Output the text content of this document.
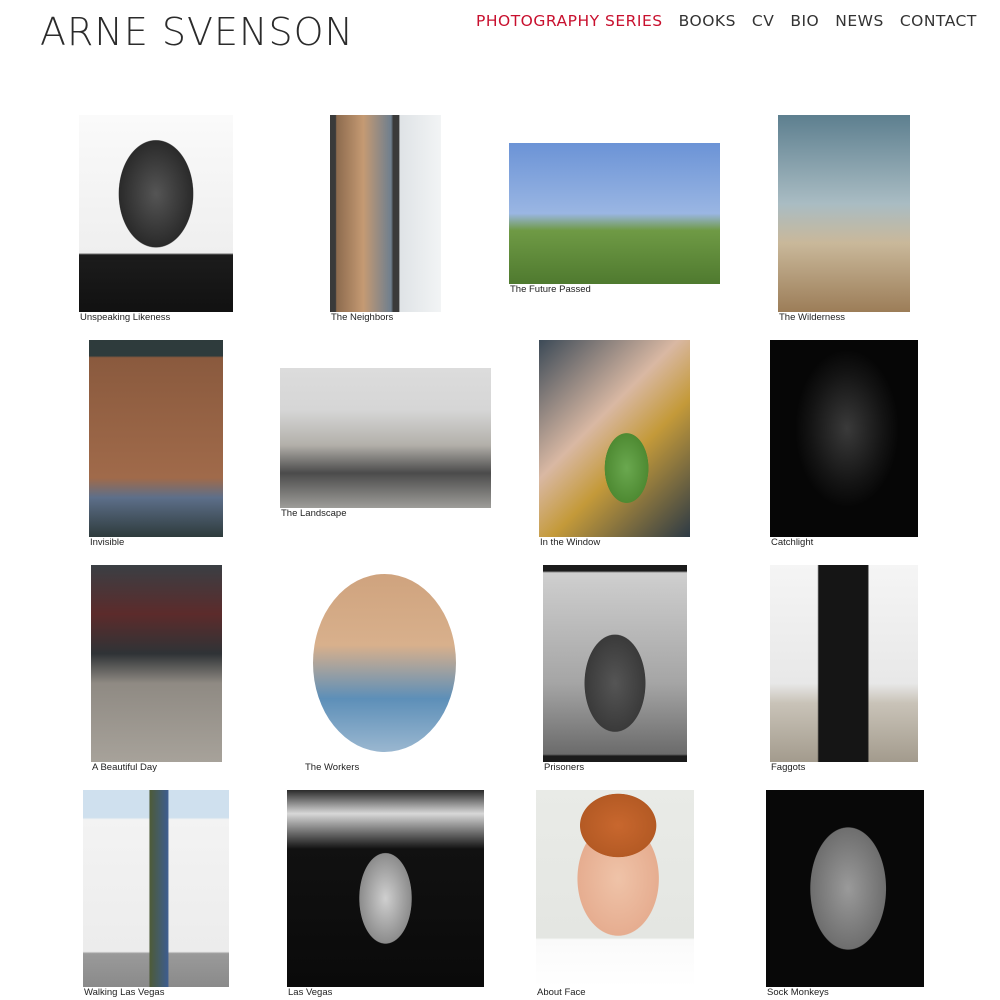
ARNE SVENSON	PHOTOGRAPHY SERIES BOOKS CV BIO NEWS CONTACT
Unspeaking Likeness	The Neighbors
The Future Passed
The Wilderness
Invisible
The Landscape
In the Window	Catchlight
A Beautiful Day	The Workers	Prisoners	Faggots
Walking Las Vegas	Las Vegas	About Face	Sock Monkeys
